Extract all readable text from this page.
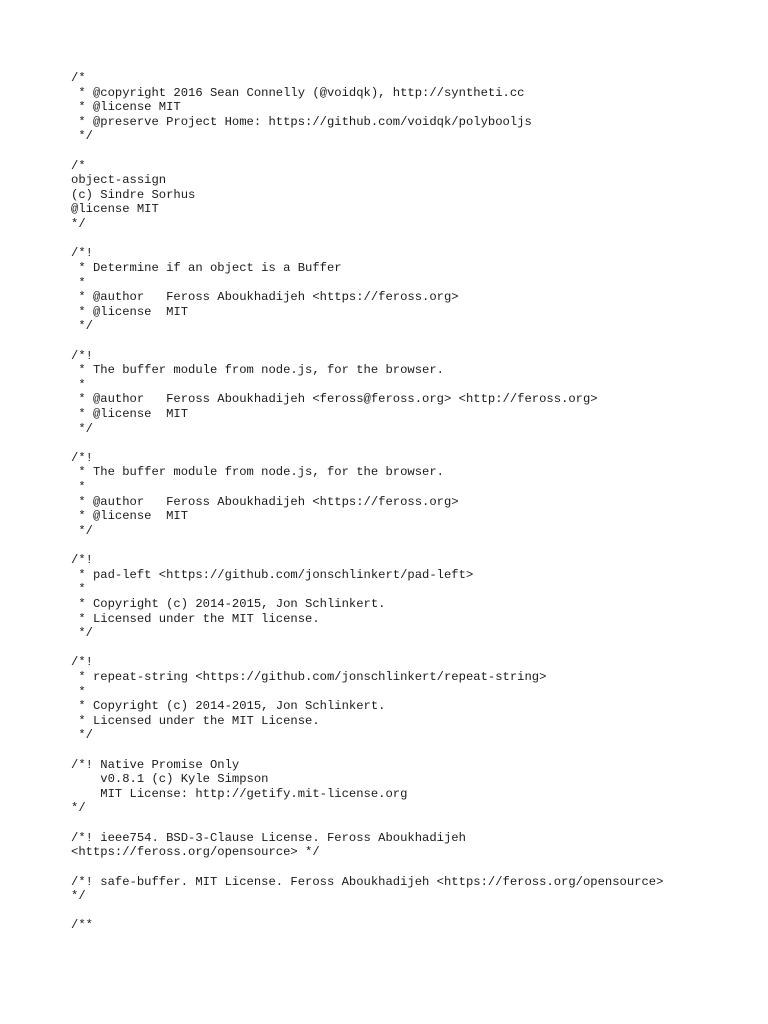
/*
* @copyright 2016 Sean Connelly (@voidqk), http://syntheti.cc
* @license MIT
* @preserve Project Home: https://github.com/voidqk/polybooljs
*/
/*
object-assign
(c) Sindre Sorhus
@license MIT
*/
/*!
* Determine if an object is a Buffer
*
* @author   Feross Aboukhadijeh <https://feross.org>
* @license  MIT
*/
/*!
* The buffer module from node.js, for the browser.
*
* @author   Feross Aboukhadijeh <feross@feross.org> <http://feross.org>
* @license  MIT
*/
/*!
* The buffer module from node.js, for the browser.
*
* @author   Feross Aboukhadijeh <https://feross.org>
* @license  MIT
*/
/*!
* pad-left <https://github.com/jonschlinkert/pad-left>
*
* Copyright (c) 2014-2015, Jon Schlinkert.
* Licensed under the MIT license.
*/
/*!
* repeat-string <https://github.com/jonschlinkert/repeat-string>
*
* Copyright (c) 2014-2015, Jon Schlinkert.
* Licensed under the MIT License.
*/
/*! Native Promise Only
v0.8.1 (c) Kyle Simpson
MIT License: http://getify.mit-license.org
*/
/*! ieee754. BSD-3-Clause License. Feross Aboukhadijeh
<https://feross.org/opensource> */
/*! safe-buffer. MIT License. Feross Aboukhadijeh <https://feross.org/opensource>
*/
/**
